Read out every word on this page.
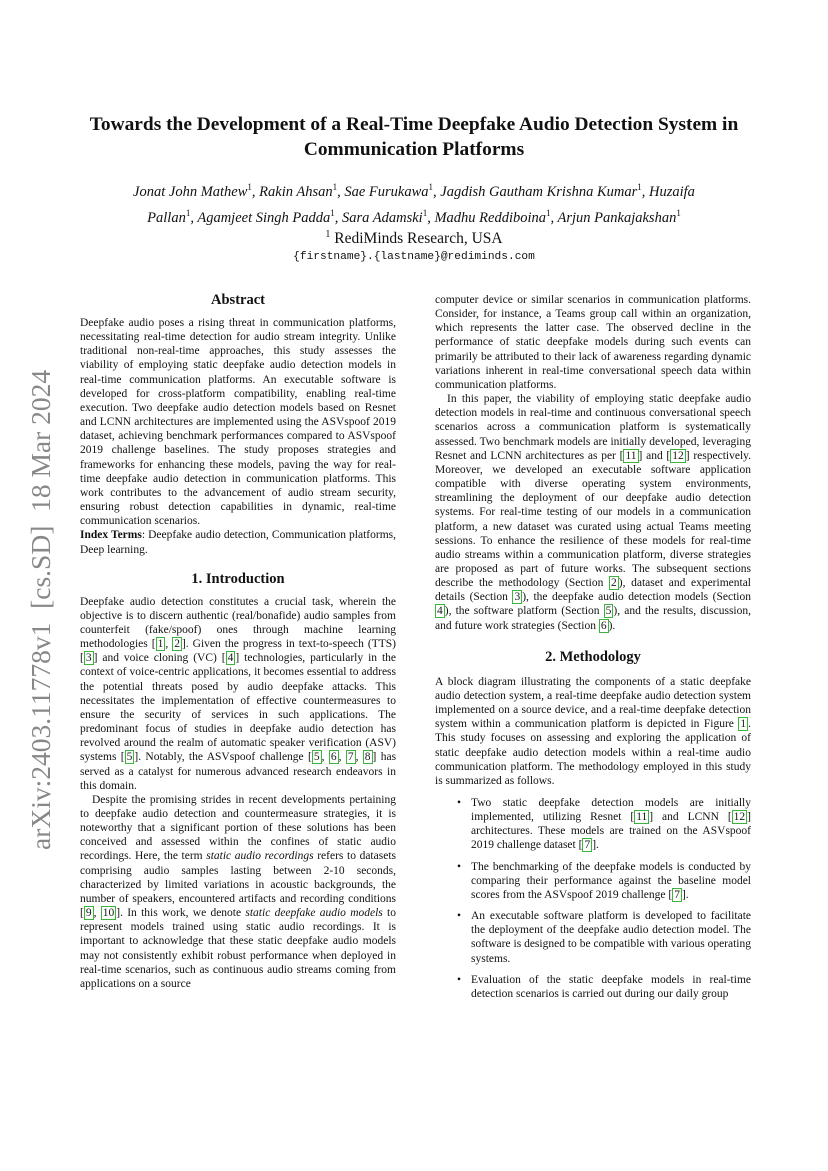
arXiv:2403.11778v1  [cs.SD]  18 Mar 2024
Towards the Development of a Real-Time Deepfake Audio Detection System in
Communication Platforms
Jonat John Mathew$^1$, Rakin Ahsan$^1$, Sae Furukawa$^1$, Jagdish Gautham Krishna Kumar$^1$, Huzaifa
Pallan$^1$, Agamjeet Singh Padda$^1$, Sara Adamski$^1$, Madhu Reddiboina$^1$, Arjun Pankajakshan$^1$
$^1$ RediMinds Research, USA
{firstname}.{lastname}@rediminds.com
Abstract

Deepfake audio poses a rising threat in communication platforms, necessitating real-time detection for audio stream integrity. Unlike traditional non-real-time approaches, this study assesses the viability of employing static deepfake audio detection models in real-time communication platforms. An executable software is developed for cross-platform compatibility, enabling real-time execution. Two deepfake audio detection models based on Resnet and LCNN architectures are implemented using the ASVspoof 2019 dataset, achieving benchmark performances compared to ASVspoof 2019 challenge baselines. The study proposes strategies and frameworks for enhancing these models, paving the way for real-time deepfake audio detection in communication platforms. This work contributes to the advancement of audio stream security, ensuring robust detection capabilities in dynamic, real-time communication scenarios.

Index Terms: Deepfake audio detection, Communication platforms, Deep learning.

1. Introduction

Deepfake audio detection constitutes a crucial task, wherein the objective is to discern authentic (real/bonafide) audio samples from counterfeit (fake/spoof) ones through machine learning methodologies [ 1 , 2 ]. Given the progress in text-to-speech (TTS) [ 3 ] and voice cloning (VC) [ 4 ] technologies, particularly in the context of voice-centric applications, it becomes essential to address the potential threats posed by audio deepfake attacks. This necessitates the implementation of effective countermeasures to ensure the security of services in such applications. The predominant focus of studies in deepfake audio detection has revolved around the realm of automatic speaker verification (ASV) systems [ 5 ]. Notably, the ASVspoof challenge [ 5 , 6 , 7 , 8 ] has served as a catalyst for numerous advanced research endeavors in this domain.

Despite the promising strides in recent developments pertaining to deepfake audio detection and countermeasure strategies, it is noteworthy that a significant portion of these solutions has been conceived and assessed within the confines of static audio recordings. Here, the term static audio recordings refers to datasets comprising audio samples lasting between 2-10 seconds, characterized by limited variations in acoustic backgrounds, the number of speakers, encountered artifacts and recording conditions [ 9 , 10 ]. In this work, we denote static deepfake audio models to represent models trained using static audio recordings. It is important to acknowledge that these static deepfake audio models may not consistently exhibit robust performance when deployed in real-time scenarios, such as continuous audio streams coming from applications on a source

computer device or similar scenarios in communication platforms. Consider, for instance, a Teams group call within an organization, which represents the latter case. The observed decline in the performance of static deepfake models during such events can primarily be attributed to their lack of awareness regarding dynamic variations inherent in real-time conversational speech data within communication platforms.

In this paper, the viability of employing static deepfake audio detection models in real-time and continuous conversational speech scenarios across a communication platform is systematically assessed. Two benchmark models are initially developed, leveraging Resnet and LCNN architectures as per [ 11 ] and [ 12 ] respectively. Moreover, we developed an executable software application compatible with diverse operating system environments, streamlining the deployment of our deepfake audio detection systems. For real-time testing of our models in a communication platform, a new dataset was curated using actual Teams meeting sessions. To enhance the resilience of these models for real-time audio streams within a communication platform, diverse strategies are proposed as part of future works. The subsequent sections describe the methodology (Section 2 ), dataset and experimental details (Section 3 ), the deepfake audio detection models (Section 4 ), the software platform (Section 5 ), and the results, discussion, and future work strategies (Section 6 ).

2. Methodology

A block diagram illustrating the components of a static deepfake audio detection system, a real-time deepfake audio detection system implemented on a source device, and a real-time deepfake detection system within a communication platform is depicted in Figure 1 . This study focuses on assessing and exploring the application of static deepfake audio detection models within a real-time audio communication platform. The methodology employed in this study is summarized as follows.

• Two static deepfake detection models are initially implemented, utilizing Resnet [ 11 ] and LCNN [ 12 ] architectures. These models are trained on the ASVspoof 2019 challenge dataset [ 7 ].

• The benchmarking of the deepfake models is conducted by comparing their performance against the baseline model scores from the ASVspoof 2019 challenge [ 7 ].

• An executable software platform is developed to facilitate the deployment of the deepfake audio detection model. The software is designed to be compatible with various operating systems.

• Evaluation of the static deepfake models in real-time detection scenarios is carried out during our daily group
